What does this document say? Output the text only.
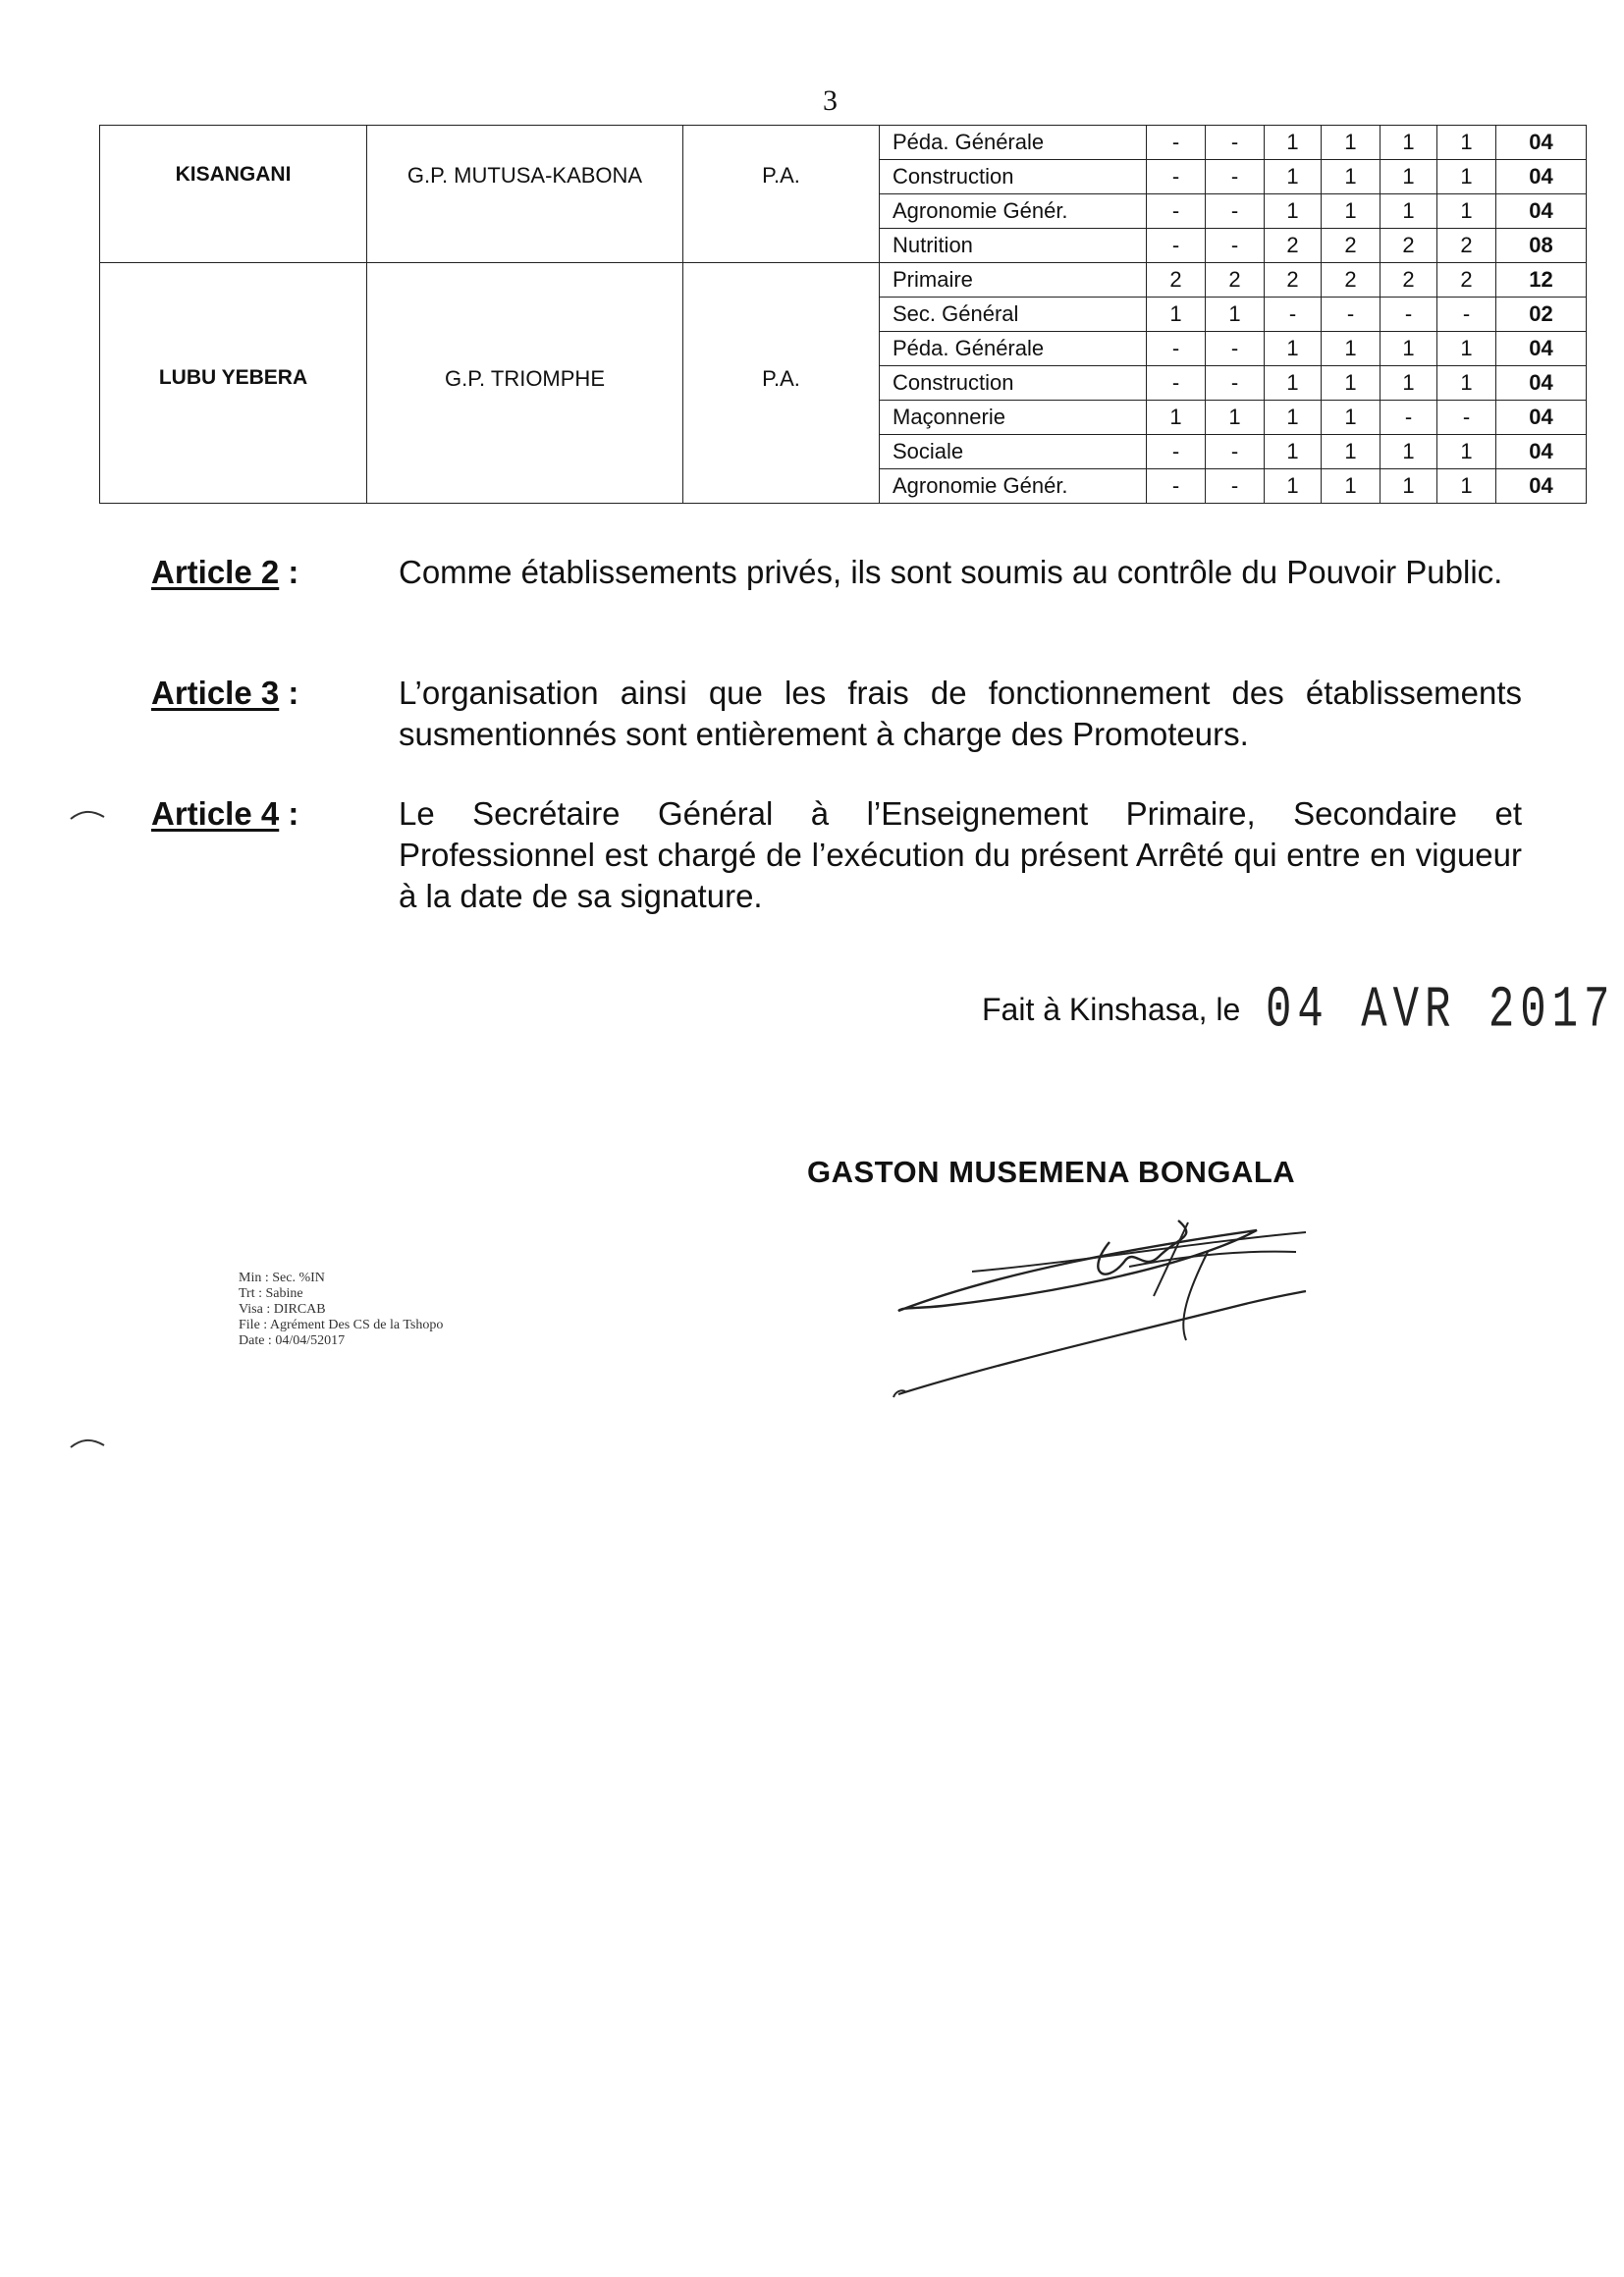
3
KISANGANI	G.P. MUTUSA-KABONA	P.A.	Péda. Générale	-	-	1	1	1	1	04
			Construction	-	-	1	1	1	1	04
			Agronomie Génér.	-	-	1	1	1	1	04
			Nutrition	-	-	2	2	2	2	08
LUBU YEBERA	G.P. TRIOMPHE	P.A.	Primaire	2	2	2	2	2	2	12
			Sec. Général	1	1	-	-	-	-	02
			Péda. Générale	-	-	1	1	1	1	04
			Construction	-	-	1	1	1	1	04
			Maçonnerie	1	1	1	1	-	-	04
			Sociale	-	-	1	1	1	1	04
			Agronomie Génér.	-	-	1	1	1	1	04
Article 2 :	Comme établissements privés, ils sont soumis au contrôle du Pouvoir Public.
Article 3 :	L’organisation ainsi que les frais de fonctionnement des établissements susmentionnés sont entièrement à charge des Promoteurs.
Article 4 :	Le Secrétaire Général à l’Enseignement Primaire, Secondaire et Professionnel est chargé de l’exécution du présent Arrêté qui entre en vigueur à la date de sa signature.
Fait à Kinshasa, le 04 AVR 2017
GASTON MUSEMENA BONGALA
Min : Sec. %IN
Trt : Sabine
Visa : DIRCAB
File : Agrément Des CS de la Tshopo
Date : 04/04/52017
